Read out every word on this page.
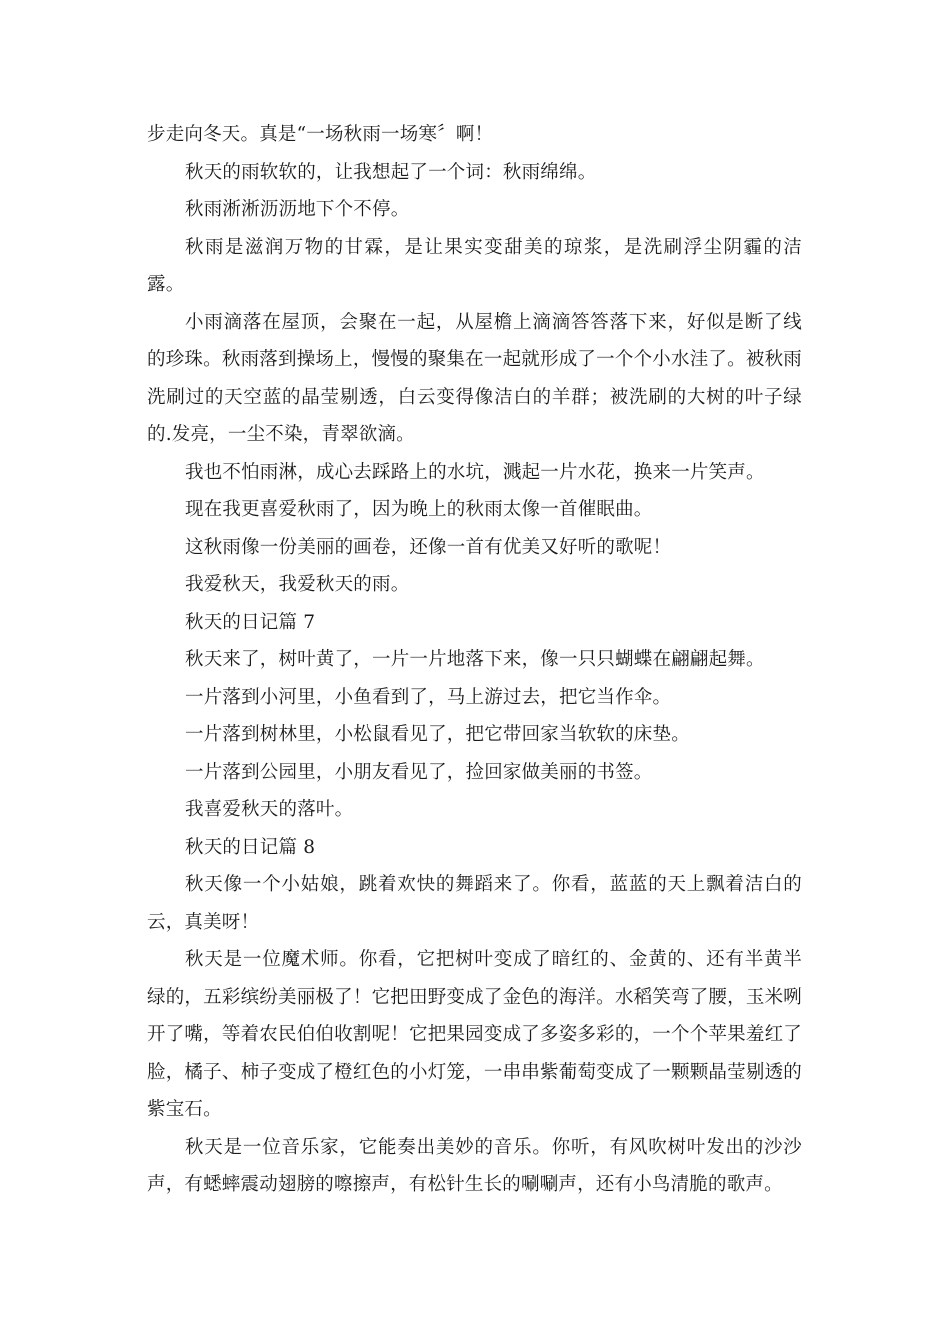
步走向冬天。真是“一场秋雨一场寒〞啊！

秋天的雨软软的，让我想起了一个词：秋雨绵绵。

秋雨淅淅沥沥地下个不停。

秋雨是滋润万物的甘霖，是让果实变甜美的琼浆，是洗刷浮尘阴霾的洁露。

小雨滴落在屋顶，会聚在一起，从屋檐上滴滴答答落下来，好似是断了线的珍珠。秋雨落到操场上，慢慢的聚集在一起就形成了一个个小水洼了。被秋雨洗刷过的天空蓝的晶莹剔透，白云变得像洁白的羊群；被洗刷的大树的叶子绿的.发亮，一尘不染，青翠欲滴。

我也不怕雨淋，成心去踩路上的水坑，溅起一片水花，换来一片笑声。

现在我更喜爱秋雨了，因为晚上的秋雨太像一首催眠曲。

这秋雨像一份美丽的画卷，还像一首有优美又好听的歌呢！

我爱秋天，我爱秋天的雨。

秋天的日记篇 7

秋天来了，树叶黄了，一片一片地落下来，像一只只蝴蝶在翩翩起舞。

一片落到小河里，小鱼看到了，马上游过去，把它当作伞。

一片落到树林里，小松鼠看见了，把它带回家当软软的床垫。

一片落到公园里，小朋友看见了，捡回家做美丽的书签。

我喜爱秋天的落叶。

秋天的日记篇 8

秋天像一个小姑娘，跳着欢快的舞蹈来了。你看，蓝蓝的天上飘着洁白的云，真美呀！

秋天是一位魔术师。你看，它把树叶变成了暗红的、金黄的、还有半黄半绿的，五彩缤纷美丽极了！它把田野变成了金色的海洋。水稻笑弯了腰，玉米咧开了嘴，等着农民伯伯收割呢！它把果园变成了多姿多彩的，一个个苹果羞红了脸，橘子、柿子变成了橙红色的小灯笼，一串串紫葡萄变成了一颗颗晶莹剔透的紫宝石。

秋天是一位音乐家，它能奏出美妙的音乐。你听，有风吹树叶发出的沙沙声，有蟋蟀震动翅膀的嚓擦声，有松针生长的唰唰声，还有小鸟清脆的歌声。
